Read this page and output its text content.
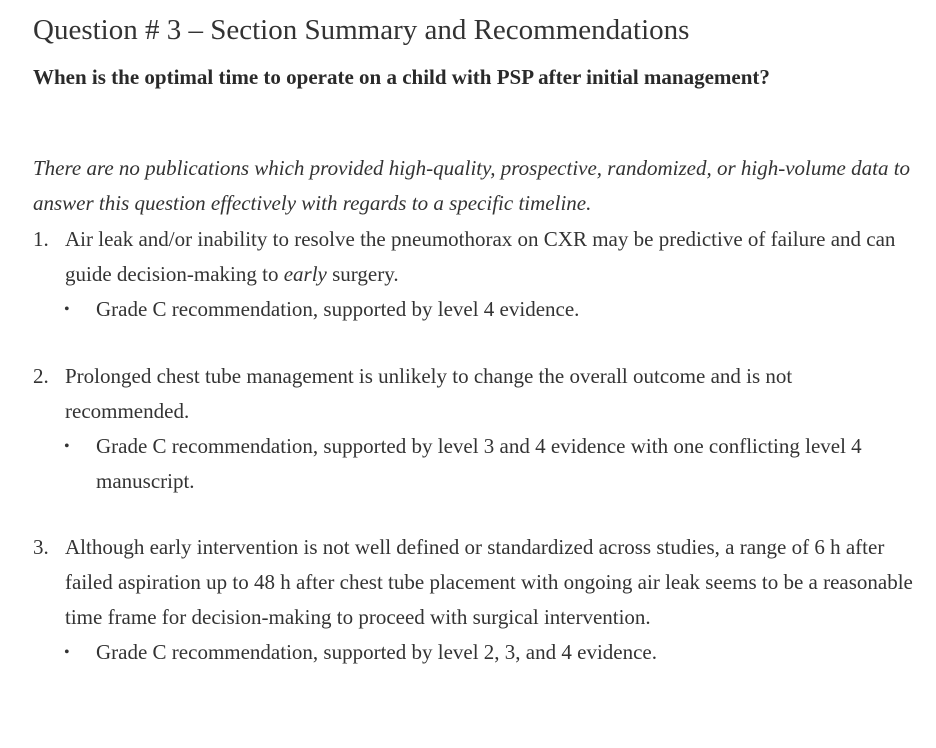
Question # 3 – Section Summary and Recommendations

When is the optimal time to operate on a child with PSP after initial management?

There are no publications which provided high-quality, prospective, randomized, or high-volume data to answer this question effectively with regards to a specific timeline.

1. Air leak and/or inability to resolve the pneumothorax on CXR may be predictive of failure and can guide decision-making to early surgery.
• Grade C recommendation, supported by level 4 evidence.
2. Prolonged chest tube management is unlikely to change the overall outcome and is not recommended.
• Grade C recommendation, supported by level 3 and 4 evidence with one conflicting level 4 manuscript.
3. Although early intervention is not well defined or standardized across studies, a range of 6 h after failed aspiration up to 48 h after chest tube placement with ongoing air leak seems to be a reasonable time frame for decision-making to proceed with surgical intervention.
• Grade C recommendation, supported by level 2, 3, and 4 evidence.
